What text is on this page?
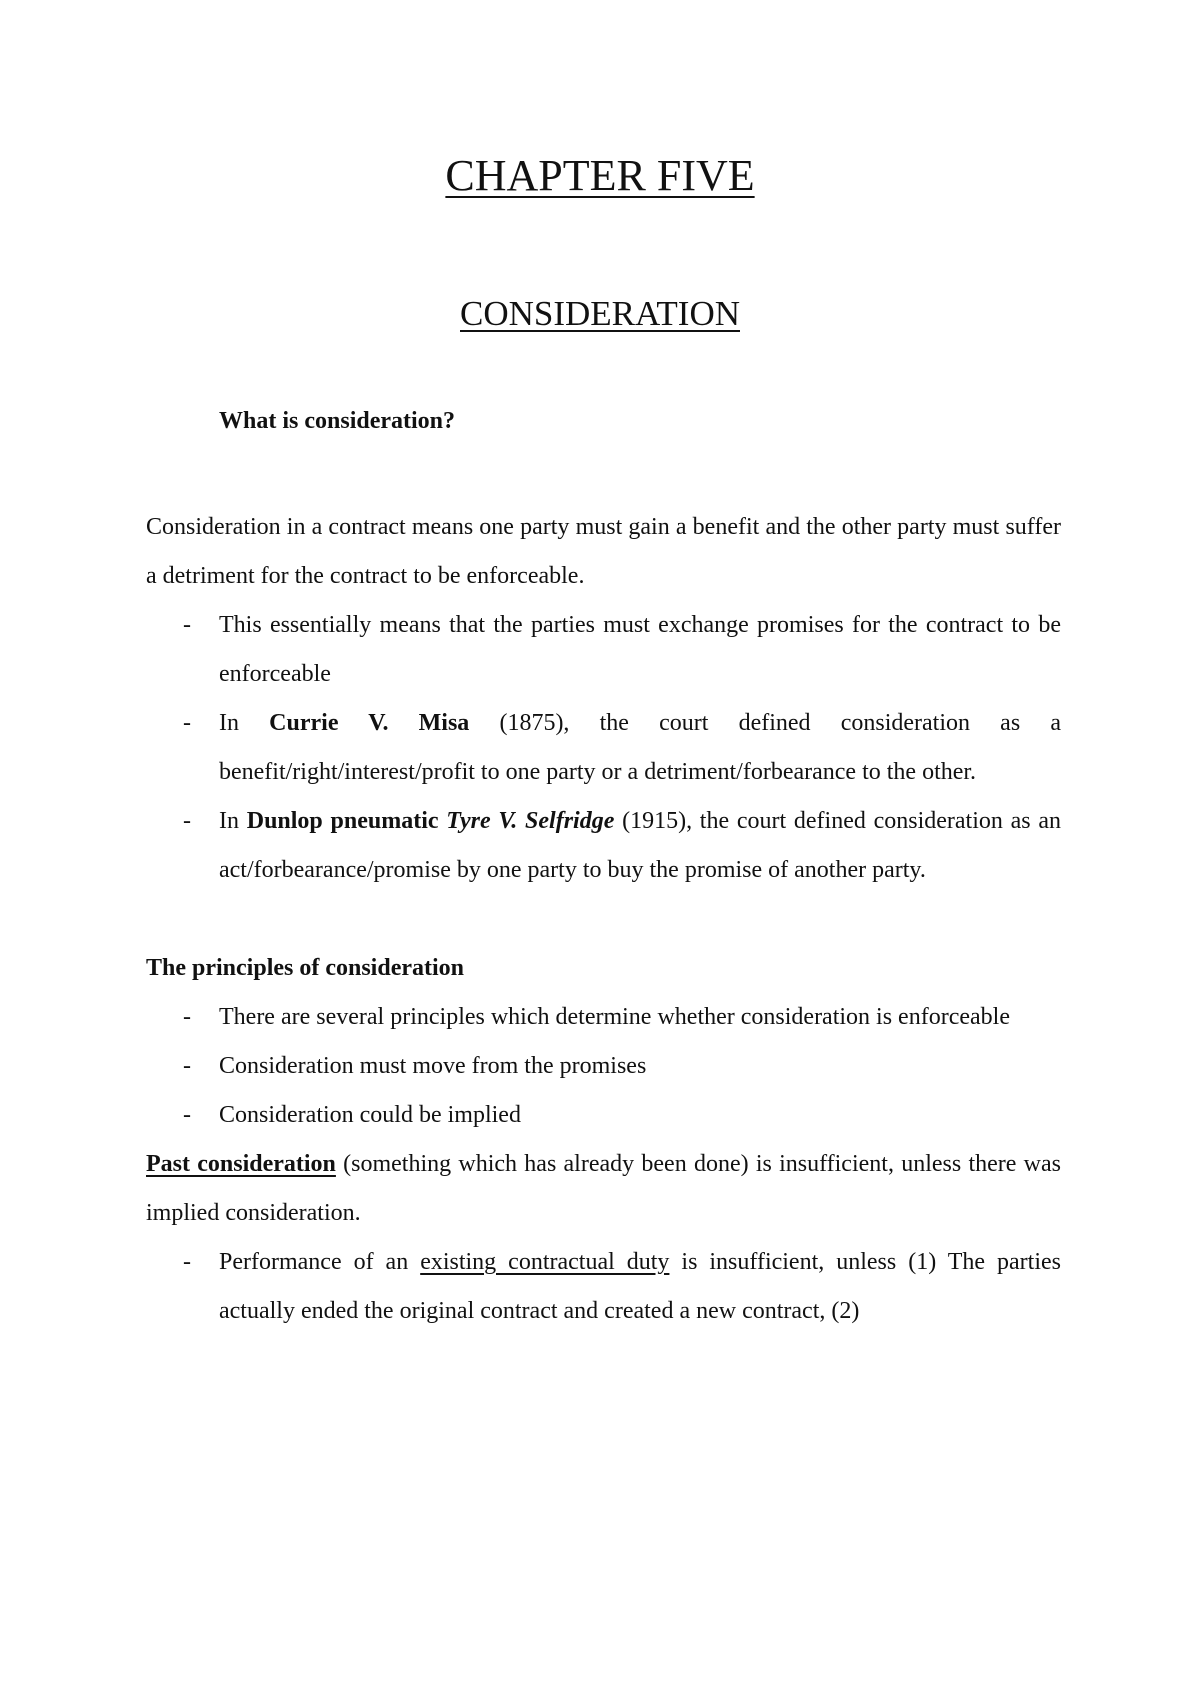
CHAPTER FIVE
CONSIDERATION
What is consideration?

Consideration in a contract means one party must gain a benefit and the other party must suffer a detriment for the contract to be enforceable.

- This essentially means that the parties must exchange promises for the contract to be enforceable
- In Currie V. Misa (1875), the court defined consideration as a benefit/right/interest/profit to one party or a detriment/forbearance to the other.
- In Dunlop pneumatic Tyre V. Selfridge (1915), the court defined consideration as an act/forbearance/promise by one party to buy the promise of another party.

The principles of consideration

- There are several principles which determine whether consideration is enforceable
- Consideration must move from the promises
- Consideration could be implied

Past consideration (something which has already been done) is insufficient, unless there was implied consideration.

- Performance of an existing contractual duty is insufficient, unless (1) The parties actually ended the original contract and created a new contract, (2)
